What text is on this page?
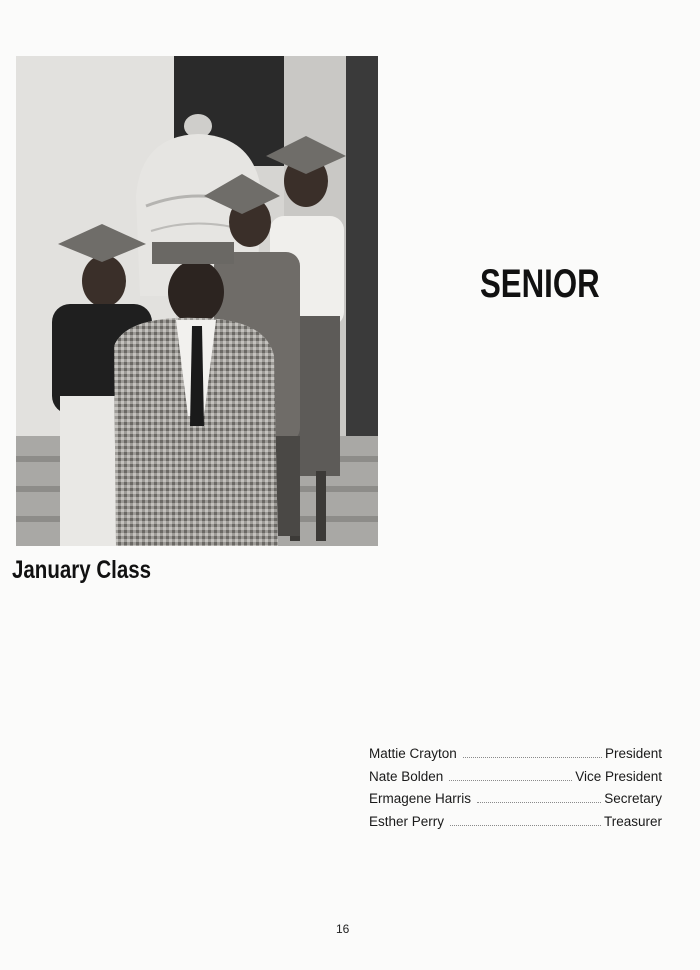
SENIOR
January Class
Mattie Crayton	President
Nate Bolden	Vice President
Ermagene Harris	Secretary
Esther Perry	Treasurer
16
